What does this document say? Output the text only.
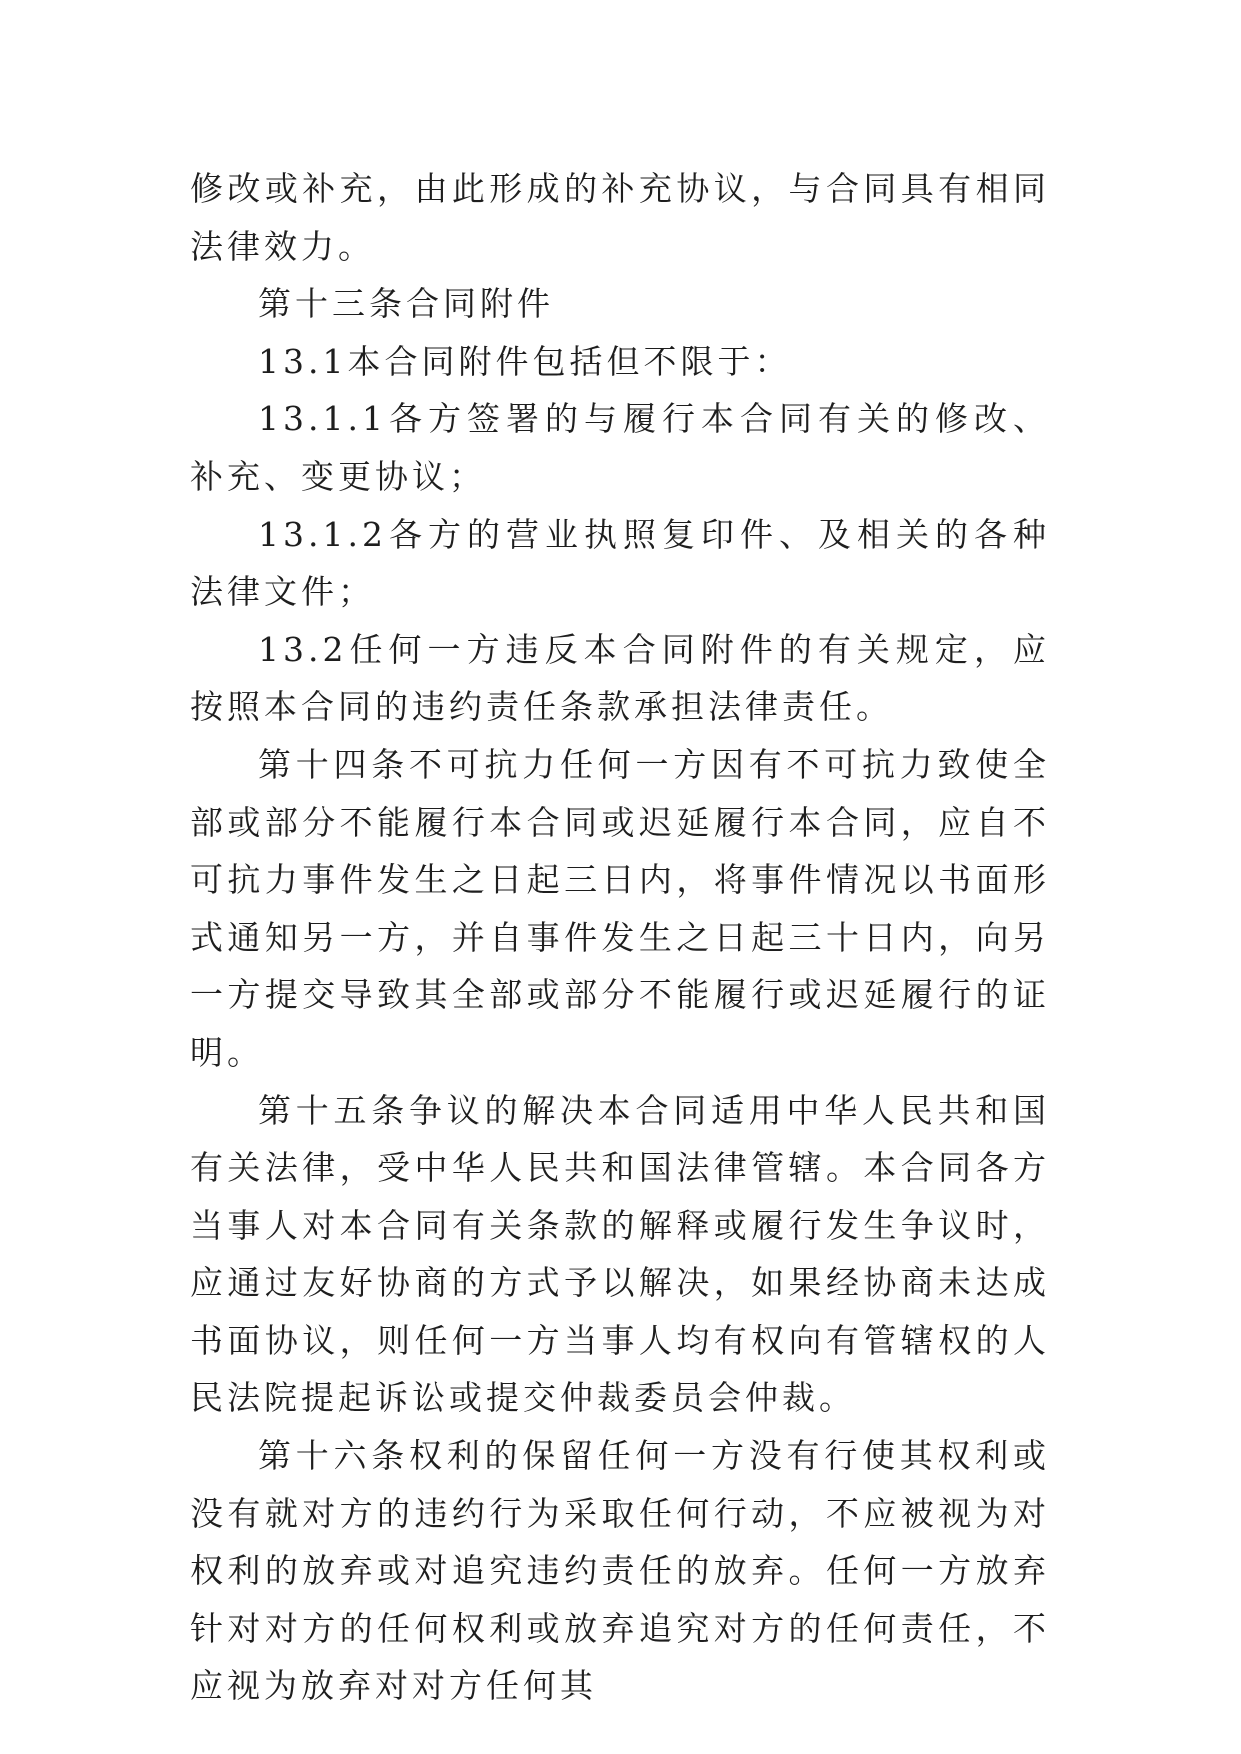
修改或补充，由此形成的补充协议，与合同具有相同法律效力。

第十三条合同附件

13.1本合同附件包括但不限于：

13.1.1各方签署的与履行本合同有关的修改、补充、变更协议；

13.1.2各方的营业执照复印件、及相关的各种法律文件；

13.2任何一方违反本合同附件的有关规定，应按照本合同的违约责任条款承担法律责任。

第十四条不可抗力任何一方因有不可抗力致使全部或部分不能履行本合同或迟延履行本合同，应自不可抗力事件发生之日起三日内，将事件情况以书面形式通知另一方，并自事件发生之日起三十日内，向另一方提交导致其全部或部分不能履行或迟延履行的证明。

第十五条争议的解决本合同适用中华人民共和国有关法律，受中华人民共和国法律管辖。本合同各方当事人对本合同有关条款的解释或履行发生争议时，应通过友好协商的方式予以解决，如果经协商未达成书面协议，则任何一方当事人均有权向有管辖权的人民法院提起诉讼或提交仲裁委员会仲裁。

第十六条权利的保留任何一方没有行使其权利或没有就对方的违约行为采取任何行动，不应被视为对权利的放弃或对追究违约责任的放弃。任何一方放弃针对对方的任何权利或放弃追究对方的任何责任，不应视为放弃对对方任何其
